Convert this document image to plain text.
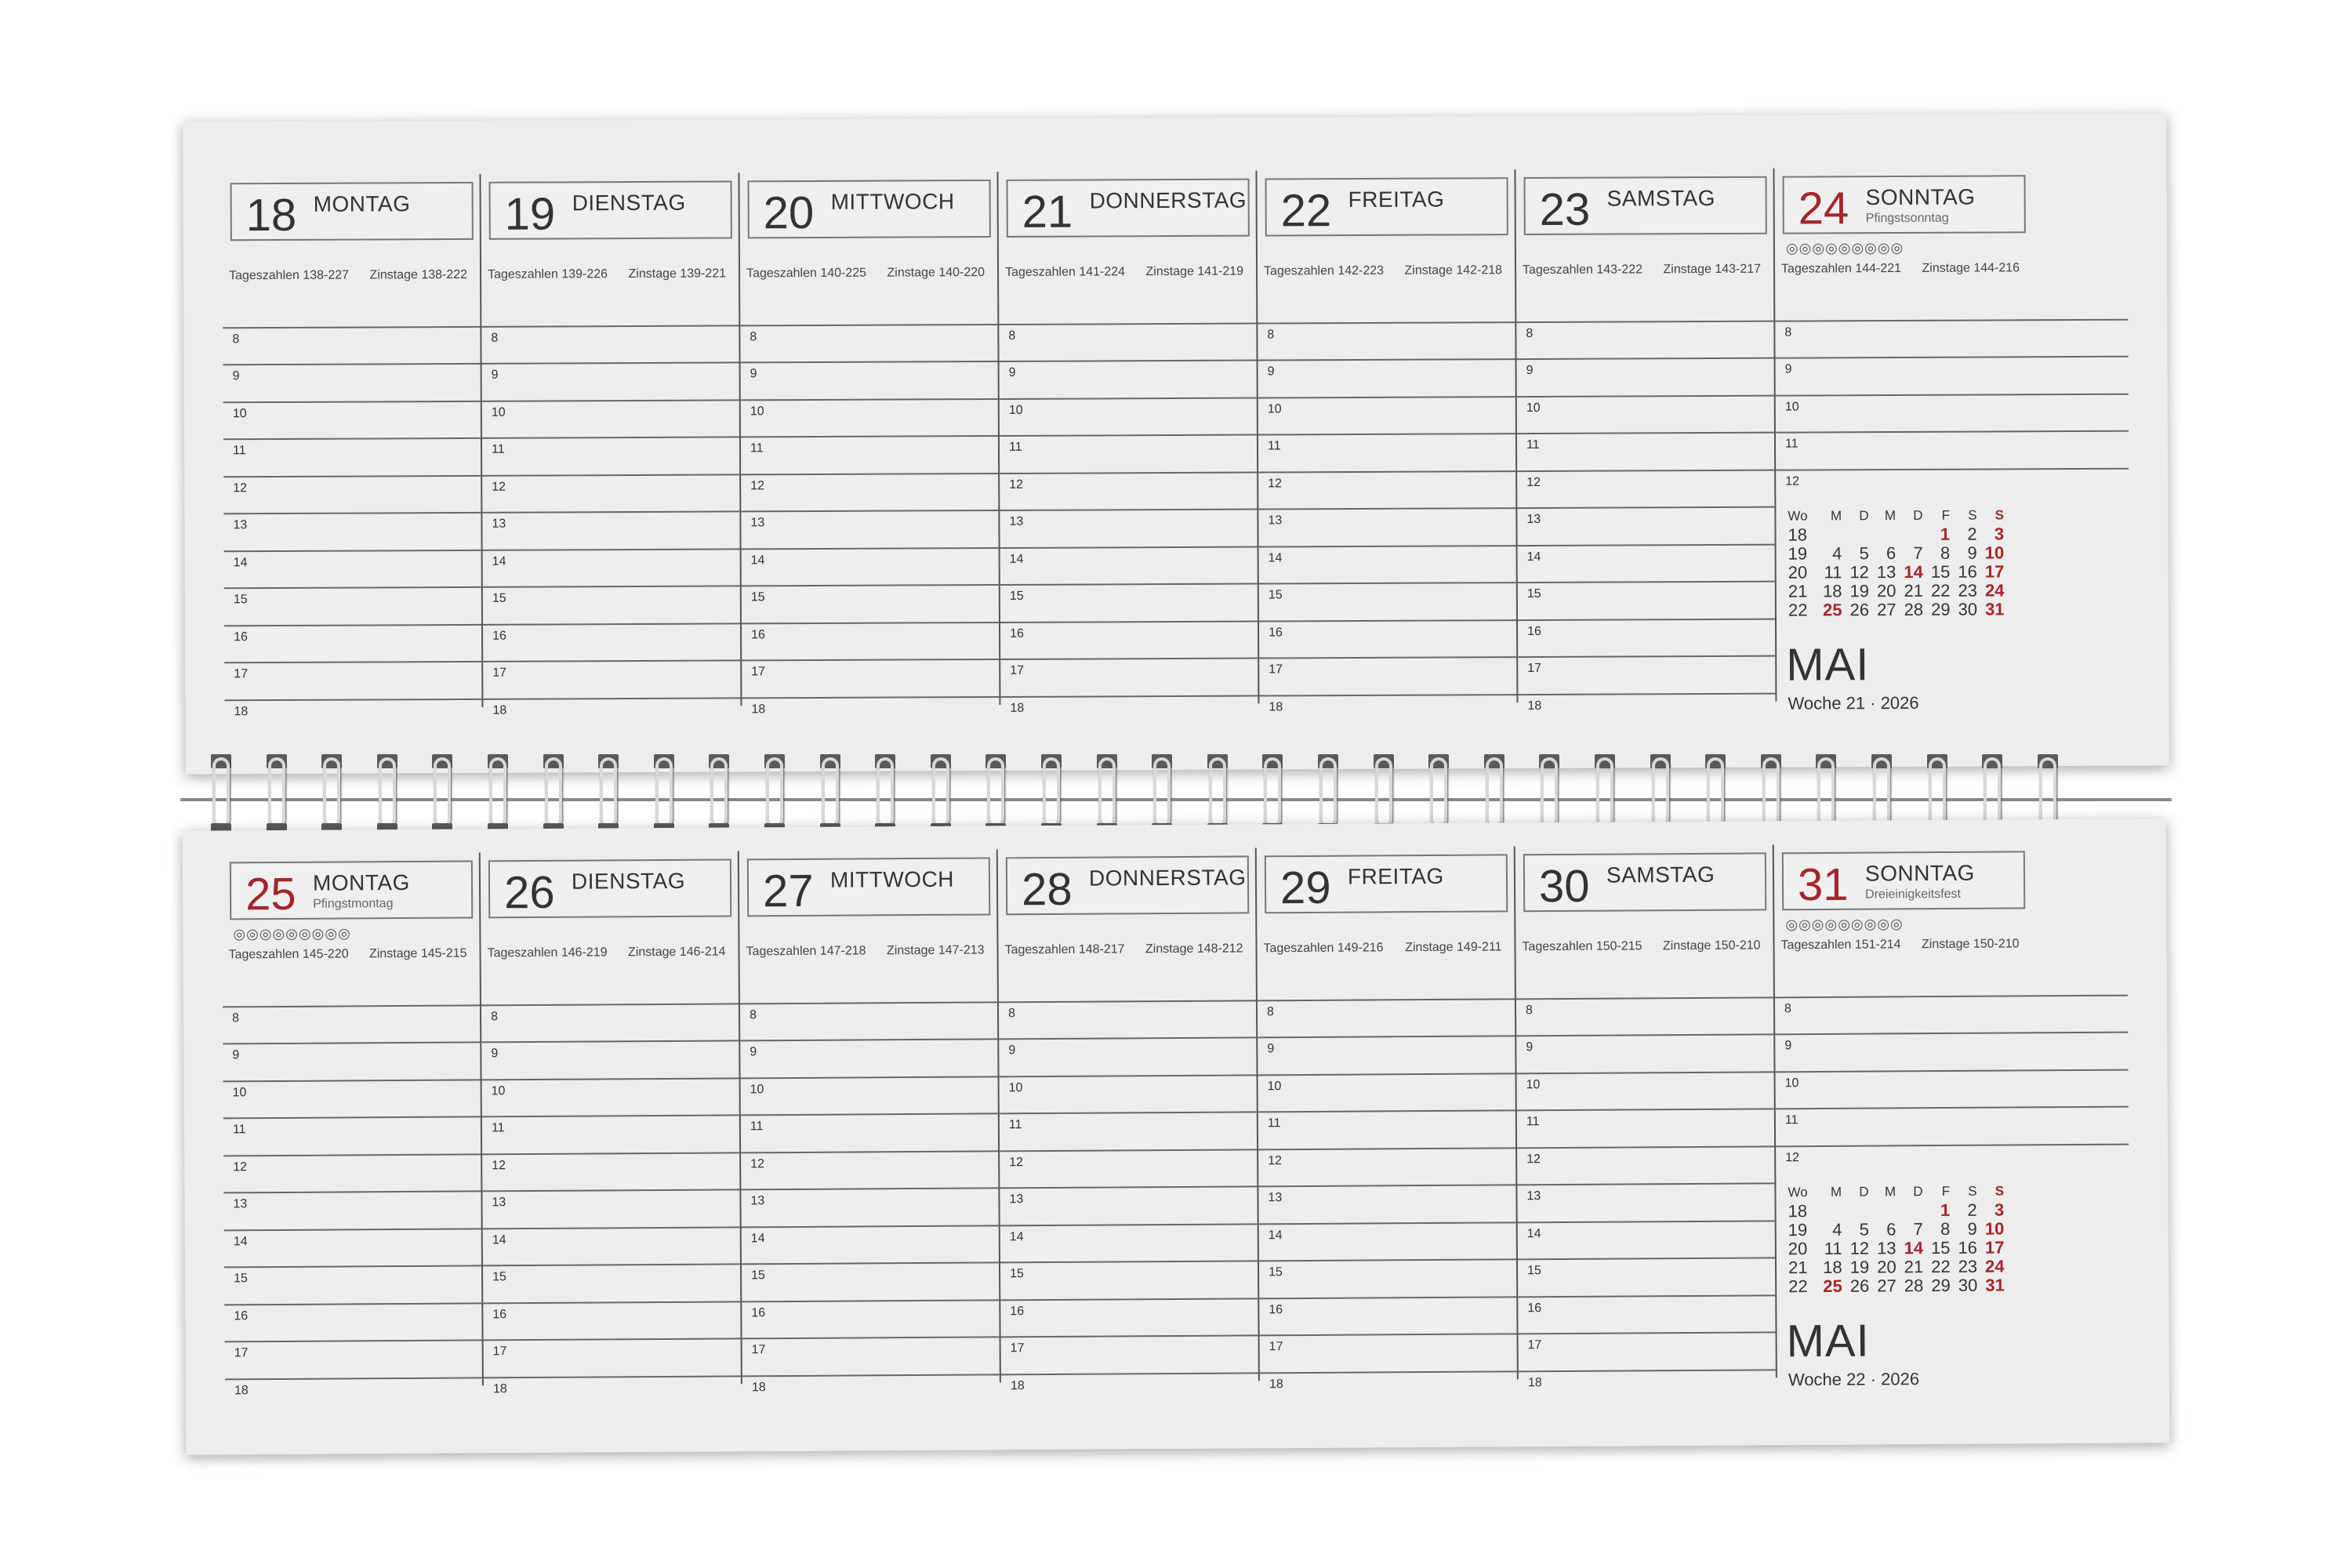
18 MONTAG
Tageszahlen 138-227 Zinstage 138-222
8
9
10
11
12
13
14
15
16
17
18
19 DIENSTAG
Tageszahlen 139-226 Zinstage 139-221
8
9
10
11
12
13
14
15
16
17
18
20 MITTWOCH
Tageszahlen 140-225 Zinstage 140-220
8
9
10
11
12
13
14
15
16
17
18
21 DONNERSTAG
Tageszahlen 141-224 Zinstage 141-219
8
9
10
11
12
13
14
15
16
17
18
22 FREITAG
Tageszahlen 142-223 Zinstage 142-218
8
9
10
11
12
13
14
15
16
17
18
23 SAMSTAG
Tageszahlen 143-222 Zinstage 143-217
8
9
10
11
12
13
14
15
16
17
18
◎◎◎◎◎◎◎◎◎
24 SONNTAG
Pfingstsonntag
Tageszahlen 144-221 Zinstage 144-216
8
9
10
11
12
Wo	M	D	M	D	F	S	S
18					1	2	3
19	4	5	6	7	8	9	10
20	11	12	13	14	15	16	17
21	18	19	20	21	22	23	24
22	25	26	27	28	29	30	31
MAI
Woche 21 · 2026
◎◎◎◎◎◎◎◎◎
25 MONTAG
Pfingstmontag
Tageszahlen 145-220 Zinstage 145-215
8
9
10
11
12
13
14
15
16
17
18
26 DIENSTAG
Tageszahlen 146-219 Zinstage 146-214
8
9
10
11
12
13
14
15
16
17
18
27 MITTWOCH
Tageszahlen 147-218 Zinstage 147-213
8
9
10
11
12
13
14
15
16
17
18
28 DONNERSTAG
Tageszahlen 148-217 Zinstage 148-212
8
9
10
11
12
13
14
15
16
17
18
29 FREITAG
Tageszahlen 149-216 Zinstage 149-211
8
9
10
11
12
13
14
15
16
17
18
30 SAMSTAG
Tageszahlen 150-215 Zinstage 150-210
8
9
10
11
12
13
14
15
16
17
18
◎◎◎◎◎◎◎◎◎
31 SONNTAG
Dreieinigkeitsfest
Tageszahlen 151-214 Zinstage 150-210
8
9
10
11
12
Wo	M	D	M	D	F	S	S
18					1	2	3
19	4	5	6	7	8	9	10
20	11	12	13	14	15	16	17
21	18	19	20	21	22	23	24
22	25	26	27	28	29	30	31
MAI
Woche 22 · 2026
